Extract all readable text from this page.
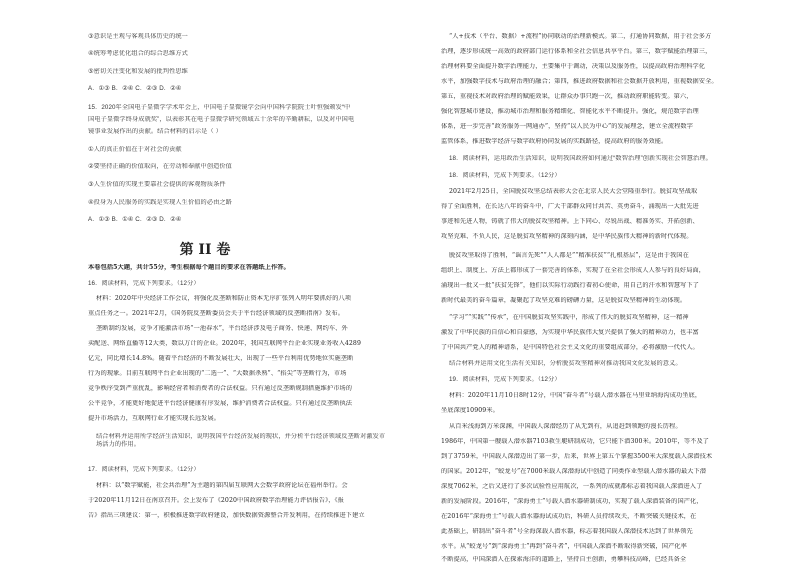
③意识是主观与客观具体历史的统一
④统筹考虑优化组合的综合思维方式
⑤密切关注变化和发展的批判性思维
A．①③ B．②④ C．②③ D．②④
15．2020年全国电子显微学学术年会上，中国电子显微镜学会向中国科学院院士叶恒强颁发“中
国电子显微学终身成就奖”，以表彰其在电子显微学研究领域五十余年的辛勤耕耘，以及对中国电
镜事业发展作出的贡献。结合材料的启示是（ ）
①人的真正价值在于对社会的贡献
②要坚持正确的价值取向，在劳动和奉献中创造价值
③人生价值的实现主要靠社会提供的客观物质条件
④投身为人民服务的实践是实现人生价值的必由之路
A．①③ B．①④ C．②③ D．②④
第 II 卷
本卷包括5大题，共计55分，考生根据每个题目的要求在答题纸上作答。
16．阅读材料，完成下列要求。（12分）
材料：2020年中央经济工作会议，将强化反垄断和防止资本无序扩张列入明年要抓好的八项
重点任务之一。2021年2月，《国务院反垄断委员会关于平台经济领域的反垄断指南》发布。
垄断制约发展，竞争才能激活市场“一池春水”，平台经济涉及电子商务、快递、网约车、外
卖配送、网络直播等12大类，数以万计的企业。2020年，我国互联网平台企业实现业务收入4289
亿元，同比增长14.8%。随着平台经济的不断发展壮大，出现了一些平台利用优势地位实施垄断
行为的现象。目前互联网平台企业出现的“二选一”、“大数据杀熟”、“掐尖”等垄断行为，市场
竞争秩序受到严重扰乱，影响经营者和消费者的合法权益。只有通过反垄断规制措施维护市场的
公平竞争，才能更好地促进平台经济健康有序发展，维护消费者合法权益。只有通过反垄断执法
提升市场活力，互联网行业才能实现长远发展。
结合材料并运用所学经济生活知识，说明我国平台经济发展的现状，并分析平台经济领域反垄断对激发市场活力的作用。
17．阅读材料，完成下列要求。（12分）
材料：以“数字赋能，社会共治理”为主题的第四届互联网大会数字政府论坛在福州举行。会
于2020年11月12日在南京召开。会上发布了《2020中国政府数字治理能力评估报告》，《报
告》指出三项建议：第一，积极推进数字政府建设，加快数据资源整合开发利用，在持续推进下建立
“人+技术（平台、数据）+流程”协同联动的治理新模式。第二，打通协同数据，用于社会多方
治理，逐步形成统一高效的政府部门运行体系和全社会信息共享平台。第三，数字赋能治理第三，
治理材料要全面提升数字治理能力，主要集中于调动，决策以及服务性，以提高政府治理科学化
水平，加强数字技术与政府治理的融合；第四，推进政府数据和社会数据开放利用，重视数据安全。
第五，重视技术对政府治理的赋能效果，让群众办事只跑一次，推动政府职能转变。第六，
强化智慧城市建设，推动城市治理和服务精细化、智能化水平不断提升。强化，规范数字治理
体系，进一步完善“政务服务一网通办”，坚持“以人民为中心”的发展理念，建立全流程数字
监管体系，推进数字经济与数字政府协同发展的实践路径，提高政府的服务效能。
18．阅读材料，运用政治生活知识，说明我国政府如何通过“数智治理”创新实现社会智慧治理。
18．阅读材料，完成下列要求。（12分）
2021年2月25日，全国脱贫攻坚总结表彰大会在北京人民大会堂隆重举行。脱贫攻坚战取
得了全面胜利，在长达八年的奋斗中，广大干部群众同甘共苦、英勇奋斗，涌现出一大批先进
事迹和先进人物，铸就了伟大的脱贫攻坚精神。上下同心、尽锐出战、精准务实、开拓创新、
攻坚克难、不负人民，这是脱贫攻坚精神的深刻内涵，是中华民族伟大精神的新时代体现。
脱贫攻坚取得了胜利，“谣言先死”“人人都是”“精准扶贫”“扎根基层”，这是由于我国在
组织上、制度上、方法上都形成了一套完善的体系，实现了在全社会形成人人参与的良好局面，
涌现出一批又一批“扶贫先锋”，他们以实际行动践行着初心使命，用自己的汗水和智慧写下了
新时代最美的奋斗篇章，凝聚起了攻坚克难的磅礴力量，这是脱贫攻坚精神的生动体现。
“学习”“实践”“传承”，在中国脱贫攻坚实践中，形成了伟大的脱贫攻坚精神，这一精神
激发了中华民族的自信心和自豪感，为实现中华民族伟大复兴提供了强大的精神动力，也丰富
了中国共产党人的精神谱系，是中国特色社会主义文化的重要组成部分，必将激励一代代人。
结合材料并运用文化生活有关知识，分析脱贫攻坚精神对推动我国文化发展的意义。
19．阅读材料，完成下列要求。（12分）
材料：2020年11月10日8时12分，中国“奋斗者”号载人潜水器在马里亚纳海沟成功坐底，
坐底深度10909米。
从百米浅海到万米深渊，中国载人深潜经历了从无到有，从追赶到领跑的漫长历程。
1986年，中国第一艘载人潜水器7103救生艇研制成功，它只能下潜300米。2010年，等不及了
到了3759米，中国载人深潜迈出了第一步，后来，世界上第五个掌握3500米大深度载人深潜技术
的国家。2012年，“蛟龙号”在7000米载人深潜海试中创造了同类作业型载人潜水器的最大下潜
深度7062米，之后又进行了多次试验性应用航次，一系列的成就都标志着我国载人深潜进入了
新的发展阶段。2016年，“深海勇士”号载人潜水器研制成功，实现了载人深潜装备的国产化，
在2016年“深海勇士”号载人潜水器海试成功后，科研人员持续攻关，不断突破关键技术，在
此基础上，研制出“奋斗者”号全海深载人潜水器，标志着我国载人深潜技术达到了世界领先
水平。从“蛟龙号”到“深海勇士”再到“奋斗者”，中国载人深潜不断取得新突破，国产化率
不断提高，中国深潜人在探索海洋的道路上，坚持自主创新，勇攀科技高峰，已经具备全
